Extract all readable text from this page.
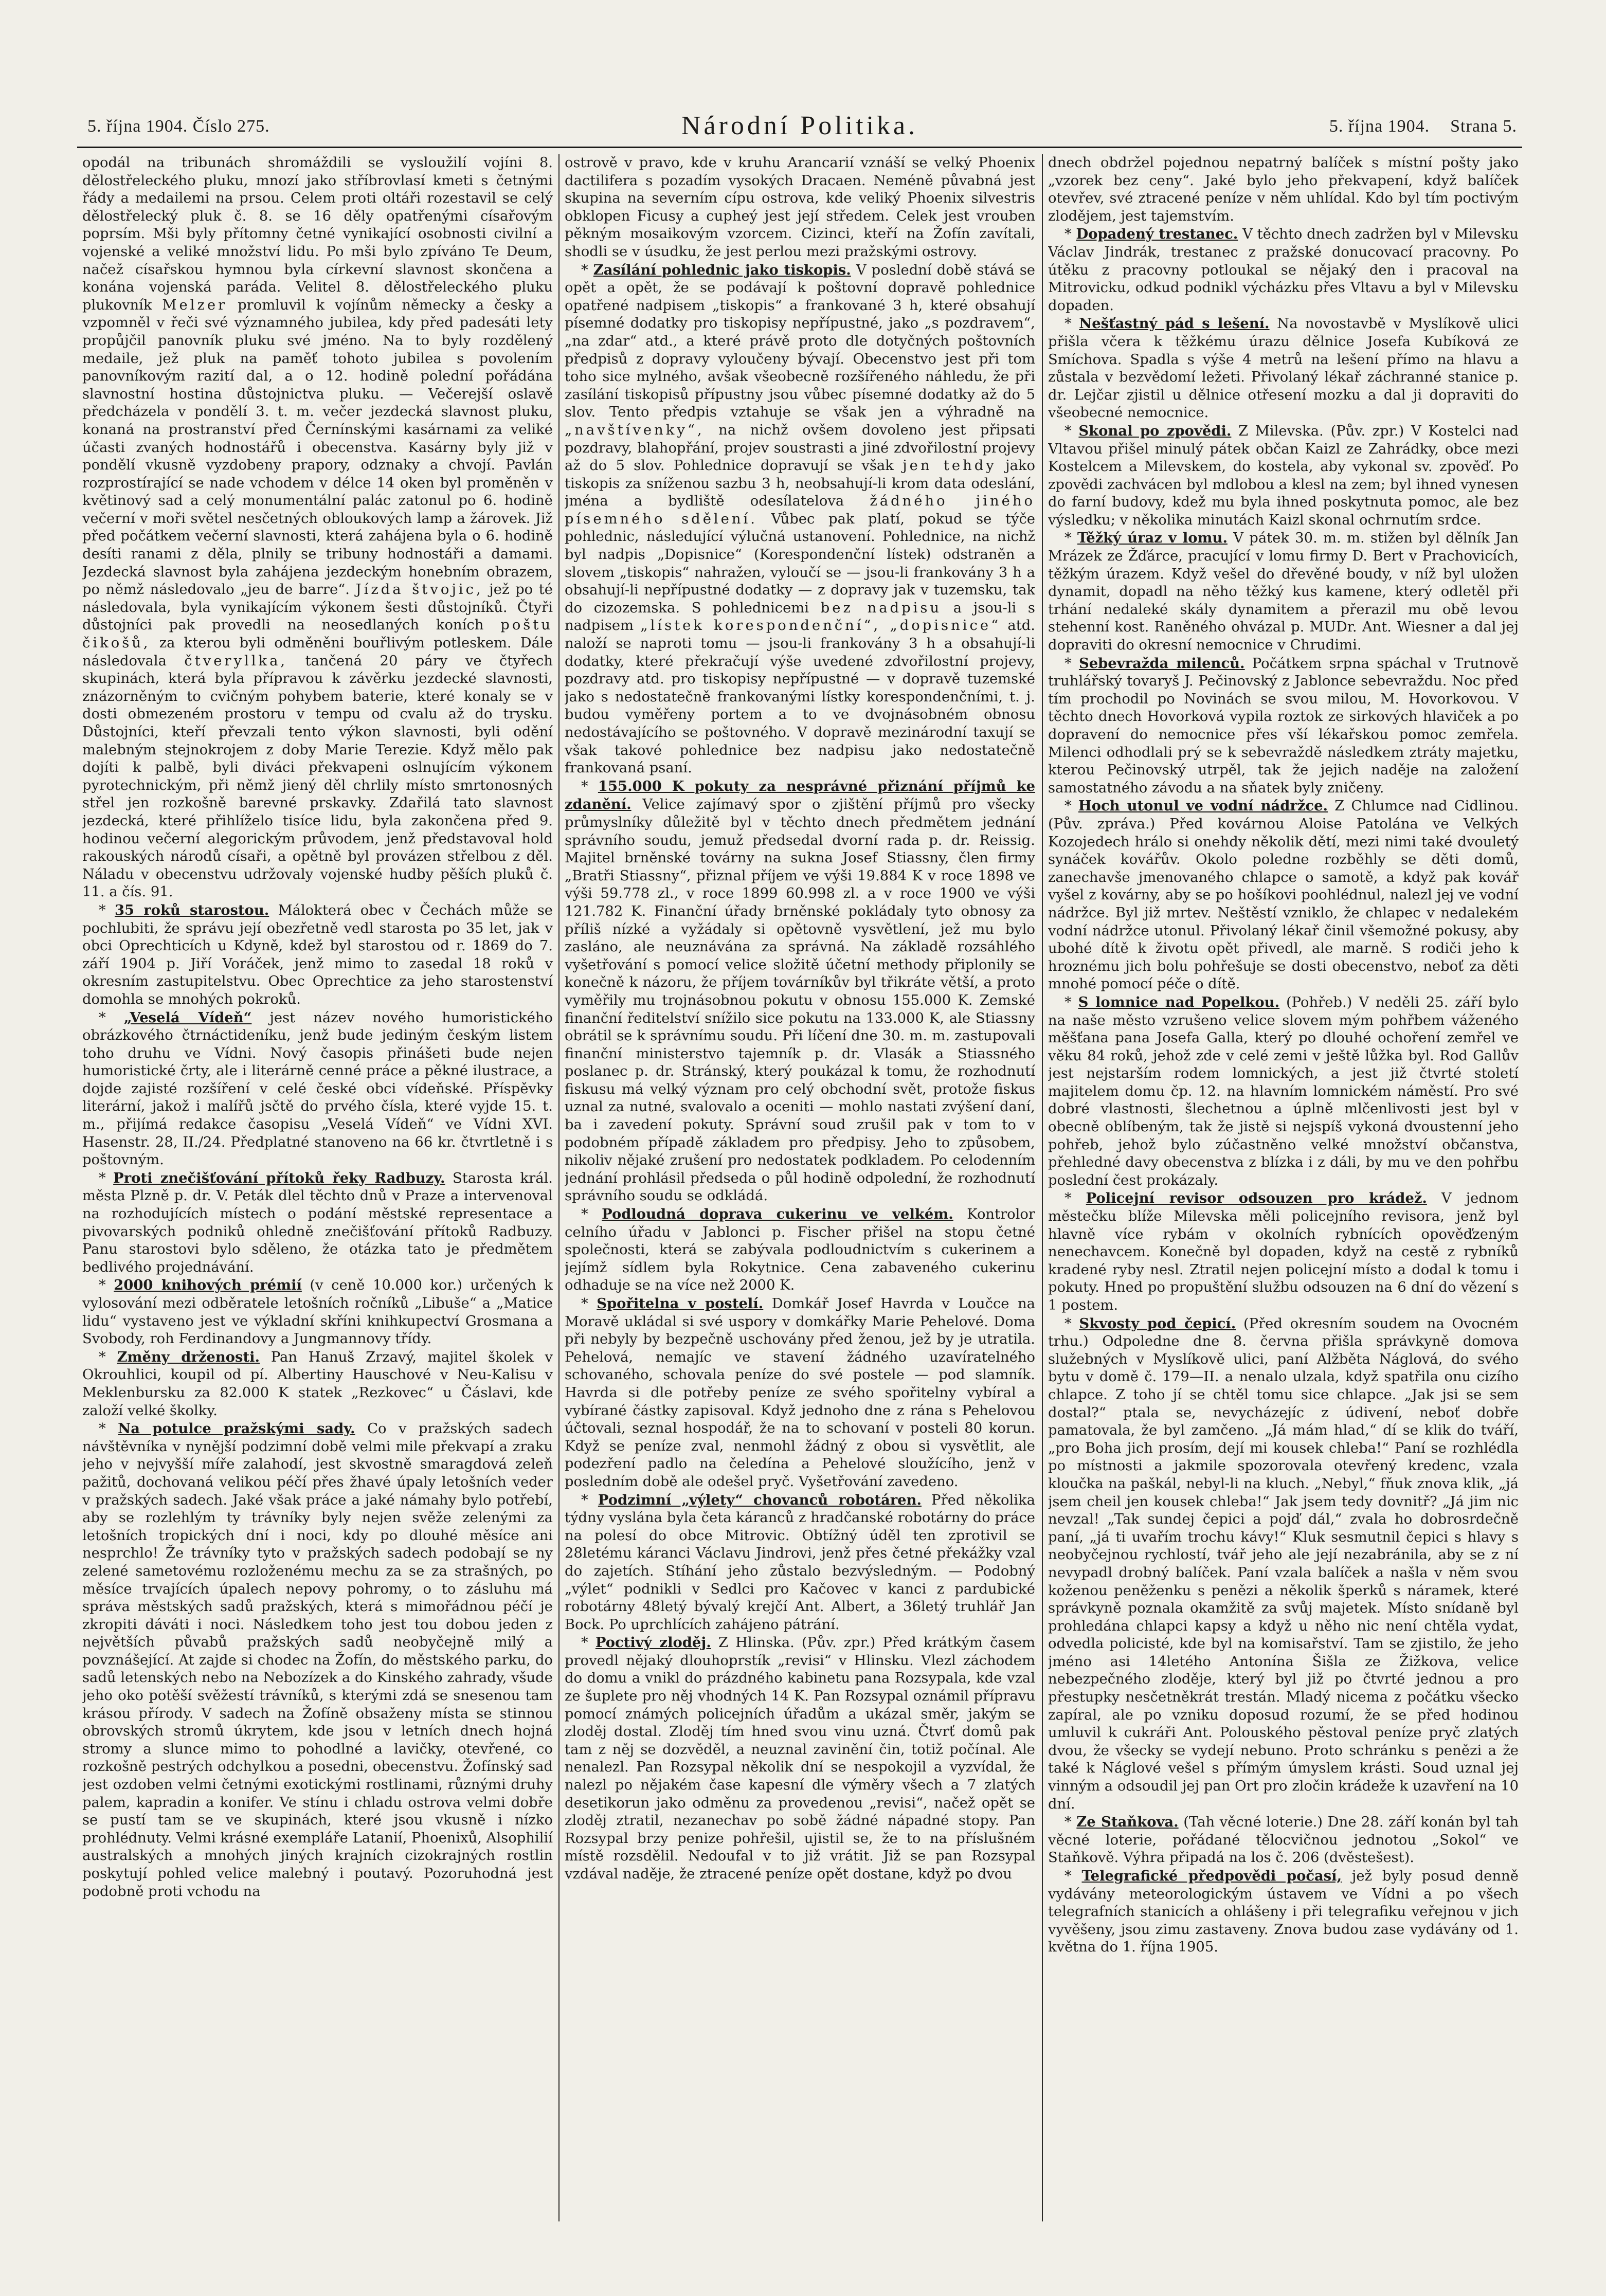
5. října 1904. Číslo 275.	Národní Politika.	5. října 1904. Strana 5.

opodál na tribunách shromáždili se vysloužilí vojíni 8. dělostřeleckého pluku, mnozí jako stříbrovlasí kmeti s četnými řády a medailemi na prsou. Celem proti oltáři rozestavil se celý dělostřelecký pluk č. 8. se 16 děly opatřenými císařovým poprsím. Mši byly přítomny četné vynikající osobnosti civilní a vojenské a veliké množství lidu. Po mši bylo zpíváno Te Deum, načež císařskou hymnou byla církevní slavnost skončena a konána vojenská paráda. Velitel 8. dělostřeleckého pluku plukovník Melzer promluvil k vojínům německy a česky a vzpomněl v řeči své významného jubilea, kdy před padesáti lety propůjčil panovník pluku své jméno. Na to byly rozdělený medaile, jež pluk na paměť tohoto jubilea s povolením panovníkovým razití dal, a o 12. hodině polední pořádána slavnostní hostina důstojnictva pluku. — Večerejší oslavě předcházela v pondělí 3. t. m. večer jezdecká slavnost pluku, konaná na prostranství před Černínskými kasárnami za veliké účasti zvaných hodnostářů i obecenstva. Kasárny byly již v pondělí vkusně vyzdobeny prapory, odznaky a chvojí. Pavlán rozprostírající se nade vchodem v délce 14 oken byl proměněn v květinový sad a celý monumentální palác zatonul po 6. hodině večerní v moři světel nesčetných obloukových lamp a žárovek. Již před počátkem večerní slavnosti, která zahájena byla o 6. hodině desíti ranami z děla, plnily se tribuny hodnostáři a damami. Jezdecká slavnost byla zahájena jezdeckým honebním obrazem, po němž následovalo „jeu de barre“. Jízda štvojic, jež po té následovala, byla vynikajícím výkonem šesti důstojníků. Čtyři důstojníci pak provedli na neosedlaných koních poštu čikošů, za kterou byli odměněni bouřlivým potleskem. Dále následovala čtveryllka, tančená 20 páry ve čtyřech skupinách, která byla přípravou k závěrku jezdecké slavnosti, znázorněným to cvičným pohybem baterie, které konaly se v dosti obmezeném prostoru v tempu od cvalu až do trysku. Důstojníci, kteří převzali tento výkon slavnosti, byli odění malebným stejnokrojem z doby Marie Terezie. Když mělo pak dojíti k palbě, byli diváci překvapeni oslnujícím výkonem pyrotechnickým, při němž jiený děl chrlily místo smrtonosných střel jen rozkošně barevné prskavky. Zdařilá tato slavnost jezdecká, které přihlíželo tisíce lidu, byla zakončena před 9. hodinou večerní alegorickým průvodem, jenž představoval hold rakouských národů císaři, a opětně byl provázen střelbou z děl. Náladu v obecenstvu udržovaly vojenské hudby pěších pluků č. 11. a čís. 91.

* 35 roků starostou. Málokterá obec v Čechách může se pochlubiti, že správu její obezřetně vedl starosta po 35 let, jak v obci Oprechticích u Kdyně, kdež byl starostou od r. 1869 do 7. září 1904 p. Jiří Voráček, jenž mimo to zasedal 18 roků v okresním zastupitelstvu. Obec Oprechtice za jeho starostenství domohla se mnohých pokroků.

* „Veselá Vídeň“ jest název nového humoristického obrázkového čtrnáctideníku, jenž bude jediným českým listem toho druhu ve Vídni. Nový časopis přinášeti bude nejen humoristické črty, ale i literárně cenné práce a pěkné ilustrace, a dojde zajisté rozšíření v celé české obci vídeňské. Příspěvky literární, jakož i malířů jsčtě do prvého čísla, které vyjde 15. t. m., přijímá redakce časopisu „Veselá Vídeň“ ve Vídni XVI. Hasenstr. 28, II./24. Předplatné stanoveno na 66 kr. čtvrtletně i s poštovným.

* Proti znečišťování přítoků řeky Radbuzy. Starosta král. města Plzně p. dr. V. Peták dlel těchto dnů v Praze a intervenoval na rozhodujících místech o podání městské representace a pivovarských podniků ohledně znečišťování přítoků Radbuzy. Panu starostovi bylo sděleno, že otázka tato je předmětem bedlivého projednávání.

* 2000 knihových prémií (v ceně 10.000 kor.) určených k vylosování mezi odběratele letošních ročníků „Libuše“ a „Matice lidu“ vystaveno jest ve výkladní skříni knihkupectví Grosmana a Svobody, roh Ferdinandovy a Jungmannovy třídy.

* Změny drženosti. Pan Hanuš Zrzavý, majitel školek v Okrouhlici, koupil od pí. Albertiny Hauschové v Neu-Kalisu v Meklenbursku za 82.000 K statek „Rezkovec“ u Čáslavi, kde založí velké školky.

* Na potulce pražskými sady. Co v pražských sadech návštěvníka v nynější podzimní době velmi mile překvapí a zraku jeho v nejvyšší míře zalahodí, jest skvostně smaragdová zeleň pažitů, dochovaná velikou péčí přes žhavé úpaly letošních veder v pražských sadech. Jaké však práce a jaké námahy bylo potřebí, aby se rozlehlým ty trávníky byly nejen svěže zelenými za letošních tropických dní i noci, kdy po dlouhé měsíce ani nesprchlo! Že trávníky tyto v pražských sadech podobají se ny zelené sametovému rozloženému mechu za se za strašných, po měsíce trvajících úpalech nepovy pohromy, o to zásluhu má správa městských sadů pražských, která s mimořádnou péčí je zkropiti dáváti i noci. Následkem toho jest tou dobou jeden z největších půvabů pražských sadů neobyčejně milý a povznášející. At zajde si chodec na Žofín, do městského parku, do sadů letenských nebo na Nebozízek a do Kinského zahrady, všude jeho oko potěší svěžestí trávníků, s kterými zdá se snesenou tam krásou přírody. V sadech na Žofíně obsaženy místa se stinnou obrovských stromů úkrytem, kde jsou v letních dnech hojná stromy a slunce mimo to pohodlné a lavičky, otevřené, co rozkošně pestrých odchylkou a posedni, obecenstvu. Žofínský sad jest ozdoben velmi četnými exotickými rostlinami, různými druhy palem, kapradin a konifer. Ve stínu i chladu ostrova velmi dobře se pustí tam se ve skupinách, které jsou vkusně i nízko prohlédnuty. Velmi krásné exempláře Latanií, Phoenixů, Alsophilií australských a mnohých jiných krajních cizokrajných rostlin poskytují pohled velice malebný i poutavý. Pozoruhodná jest podobně proti vchodu na

ostrově v pravo, kde v kruhu Arancarií vznáší se velký Phoenix dactilifera s pozadím vysokých Dracaen. Neméně půvabná jest skupina na severním cípu ostrova, kde veliký Phoenix silvestris obklopen Ficusy a cupheý jest její středem. Celek jest vrouben pěkným mosaikovým vzorcem. Cizinci, kteří na Žofín zavítali, shodli se v úsudku, že jest perlou mezi pražskými ostrovy.

* Zasílání pohlednic jako tiskopis. V poslední době stává se opět a opět, že se podávají k poštovní dopravě pohlednice opatřené nadpisem „tiskopis“ a frankované 3 h, které obsahují písemné dodatky pro tiskopisy nepřípustné, jako „s pozdravem“, „na zdar“ atd., a které právě proto dle dotyčných poštovních předpisů z dopravy vyloučeny bývají. Obecenstvo jest při tom toho sice mylného, avšak všeobecně rozšířeného náhledu, že při zasílání tiskopisů přípustny jsou vůbec písemné dodatky až do 5 slov. Tento předpis vztahuje se však jen a výhradně na „navštívenky“, na nichž ovšem dovoleno jest připsati pozdravy, blahopřání, projev soustrasti a jiné zdvořilostní projevy až do 5 slov. Pohlednice dopravují se však jen tehdy jako tiskopis za sníženou sazbu 3 h, neobsahují-li krom data odeslání, jména a bydliště odesílatelova žádného jiného písemného sdělení. Vůbec pak platí, pokud se týče pohlednic, následující výlučná ustanovení. Pohlednice, na nichž byl nadpis „Dopisnice“ (Korespondenční lístek) odstraněn a slovem „tiskopis“ nahražen, vyloučí se — jsou-li frankovány 3 h a obsahují-li nepřípustné dodatky — z dopravy jak v tuzemsku, tak do cizozemska. S pohlednicemi bez nadpisu a jsou-li s nadpisem „lístek korespondenční“, „dopisnice“ atd. naloží se naproti tomu — jsou-li frankovány 3 h a obsahují-li dodatky, které překračují výše uvedené zdvořilostní projevy, pozdravy atd. pro tiskopisy nepřípustné — v dopravě tuzemské jako s nedostatečně frankovanými lístky korespondenčními, t. j. budou vyměřeny portem a to ve dvojnásobném obnosu nedostávajícího se poštovného. V dopravě mezinárodní taxují se však takové pohlednice bez nadpisu jako nedostatečně frankovaná psaní.

* 155.000 K pokuty za nesprávné přiznání příjmů ke zdanění. Velice zajímavý spor o zjištění příjmů pro všecky průmyslníky důležitě byl v těchto dnech předmětem jednání správního soudu, jemuž předsedal dvorní rada p. dr. Reissig. Majitel brněnské továrny na sukna Josef Stiassny, člen firmy „Bratři Stiassny“, přiznal příjem ve výši 19.884 K v roce 1898 ve výši 59.778 zl., v roce 1899 60.998 zl. a v roce 1900 ve výši 121.782 K. Finanční úřady brněnské pokládaly tyto obnosy za příliš nízké a vyžádaly si opětovně vysvětlení, jež mu bylo zasláno, ale neuznávána za správná. Na základě rozsáhlého vyšetřování s pomocí velice složitě účetní methody připlonily se konečně k názoru, že příjem továrníkův byl třikráte větší, a proto vyměřily mu trojnásobnou pokutu v obnosu 155.000 K. Zemské finanční ředitelství snížilo sice pokutu na 133.000 K, ale Stiassny obrátil se k správnímu soudu. Při líčení dne 30. m. m. zastupovali finanční ministerstvo tajemník p. dr. Vlasák a Stiassného poslanec p. dr. Stránský, který poukázal k tomu, že rozhodnutí fiskusu má velký význam pro celý obchodní svět, protože fiskus uznal za nutné, svalovalo a oceniti — mohlo nastati zvýšení daní, ba i zavedení pokuty. Správní soud zrušil pak v tom to v podobném případě základem pro předpisy. Jeho to způsobem, nikoliv nějaké zrušení pro nedostatek podkladem. Po celodenním jednání prohlásil předseda o půl hodině odpolední, že rozhodnutí správního soudu se odkládá.

* Podloudná doprava cukerinu ve velkém. Kontrolor celního úřadu v Jablonci p. Fischer přišel na stopu četné společnosti, která se zabývala podloudnictvím s cukerinem a jejímž sídlem byla Rokytnice. Cena zabaveného cukerinu odhaduje se na více než 2000 K.

* Spořitelna v postelí. Domkář Josef Havrda v Loučce na Moravě ukládal si své uspory v domkářky Marie Pehelové. Doma při nebyly by bezpečně uschovány před ženou, jež by je utratila. Pehelová, nemajíc ve stavení žádného uzavíratelného schovaného, schovala peníze do své postele — pod slamník. Havrda si dle potřeby peníze ze svého spořitelny vybíral a vybírané částky zapisoval. Když jednoho dne z rána s Pehelovou účtovali, seznal hospodář, že na to schovaní v posteli 80 korun. Když se peníze zval, nenmohl žádný z obou si vysvětlit, ale podezření padlo na čeledína a Pehelové sloužícího, jenž v posledním době ale odešel pryč. Vyšetřování zavedeno.

* Podzimní „výlety“ chovanců robotáren. Před několika týdny vyslána byla četa káranců z hradčanské robotárny do práce na polesí do obce Mitrovic. Obtížný úděl ten zprotivil se 28letému káranci Václavu Jindrovi, jenž přes četné překážky vzal do zajetích. Stíhání jeho zůstalo bezvýsledným. — Podobný „výlet“ podnikli v Sedlci pro Kačovec v kanci z pardubické robotárny 48letý bývalý krejčí Ant. Albert, a 36letý truhlář Jan Bock. Po uprchlících zahájeno pátrání.

* Poctivý zloděj. Z Hlinska. (Pův. zpr.) Před krátkým časem provedl nějaký dlouhoprstík „revisi“ v Hlinsku. Vlezl záchodem do domu a vnikl do prázdného kabinetu pana Rozsypala, kde vzal ze šuplete pro něj vhodných 14 K. Pan Rozsypal oznámil přípravu pomocí známých policejních úřadům a ukázal směr, jakým se zloděj dostal. Zloděj tím hned svou vinu uzná. Čtvrť domů pak tam z něj se dozvěděl, a neuznal zavinění čin, totiž počínal. Ale nenalezl. Pan Rozsypal několik dní se nespokojil a vyzvídal, že nalezl po nějakém čase kapesní dle výměry všech a 7 zlatých desetikorun jako odměnu za provedenou „revisi“, načež opět se zloděj ztratil, nezanechav po sobě žádné nápadné stopy. Pan Rozsypal brzy penize pohřešil, ujistil se, že to na příslušném místě rozsdělil. Nedoufal v to již vrátit. Již se pan Rozsypal vzdával naděje, že ztracené peníze opět dostane, když po dvou

dnech obdržel pojednou nepatrný balíček s místní pošty jako „vzorek bez ceny“. Jaké bylo jeho překvapení, když balíček otevřev, své ztracené peníze v něm uhlídal. Kdo byl tím poctivým zlodějem, jest tajemstvím.

* Dopadený trestanec. V těchto dnech zadržen byl v Milevsku Václav Jindrák, trestanec z pražské donucovací pracovny. Po útěku z pracovny potloukal se nějaký den i pracoval na Mitrovicku, odkud podnikl výcházku přes Vltavu a byl v Milevsku dopaden.

* Nešťastný pád s lešení. Na novostavbě v Myslíkově ulici přišla včera k těžkému úrazu dělnice Josefa Kubíková ze Smíchova. Spadla s výše 4 metrů na lešení přímo na hlavu a zůstala v bezvědomí ležeti. Přivolaný lékař záchranné stanice p. dr. Lejčar zjistil u dělnice otřesení mozku a dal ji dopraviti do všeobecné nemocnice.

* Skonal po zpovědi. Z Milevska. (Pův. zpr.) V Kostelci nad Vltavou přišel minulý pátek občan Kaizl ze Zahrádky, obce mezi Kostelcem a Milevskem, do kostela, aby vykonal sv. zpověď. Po zpovědi zachvácen byl mdlobou a klesl na zem; byl ihned vynesen do farní budovy, kdež mu byla ihned poskytnuta pomoc, ale bez výsledku; v několika minutách Kaizl skonal ochrnutím srdce.

* Těžký úraz v lomu. V pátek 30. m. m. stižen byl dělník Jan Mrázek ze Žďárce, pracující v lomu firmy D. Bert v Prachovicích, těžkým úrazem. Když vešel do dřevěné boudy, v níž byl uložen dynamit, dopadl na něho těžký kus kamene, který odletěl při trhání nedaleké skály dynamitem a přerazil mu obě levou stehenní kost. Raněného ohvázal p. MUDr. Ant. Wiesner a dal jej dopraviti do okresní nemocnice v Chrudimi.

* Sebevražda milenců. Počátkem srpna spáchal v Trutnově truhlářský tovaryš J. Pečinovský z Jablonce sebevraždu. Noc před tím prochodil po Novinách se svou milou, M. Hovorkovou. V těchto dnech Hovorková vypila roztok ze sirkových hlaviček a po dopravení do nemocnice přes vší lékařskou pomoc zemřela. Milenci odhodlali prý se k sebevraždě následkem ztráty majetku, kterou Pečinovský utrpěl, tak že jejich naděje na založení samostatného závodu a na sňatek byly zničeny.

* Hoch utonul ve vodní nádržce. Z Chlumce nad Cidlinou. (Pův. zpráva.) Před kovárnou Aloise Patolána ve Velkých Kozojedech hrálo si onehdy několik dětí, mezi nimi také dvouletý synáček kovářův. Okolo poledne rozběhly se děti domů, zanechavše jmenovaného chlapce o samotě, a když pak kovář vyšel z kovárny, aby se po hošíkovi poohlédnul, nalezl jej ve vodní nádržce. Byl již mrtev. Neštěstí vzniklo, že chlapec v nedalekém vodní nádržce utonul. Přivolaný lékař činil všemožné pokusy, aby ubohé dítě k životu opět přivedl, ale marně. S rodiči jeho k hroznému jich bolu pohřešuje se dosti obecenstvo, neboť za děti mnohé pomocí péče o dítě.

* S lomnice nad Popelkou. (Pohřeb.) V neděli 25. září bylo na naše město vzrušeno velice slovem mým pohřbem váženého měšťana pana Josefa Galla, který po dlouhé ochoření zemřel ve věku 84 roků, jehož zde v celé zemi v ještě lůžka byl. Rod Gallův jest nejstarším rodem lomnických, a jest již čtvrté století majitelem domu čp. 12. na hlavním lomnickém náměstí. Pro své dobré vlastnosti, šlechetnou a úplně mlčenlivosti jest byl v obecně oblíbeným, tak že jistě si nejspíš vykoná dvoustenní jeho pohřeb, jehož bylo zúčastněno velké množství občanstva, přehledné davy obecenstva z blízka i z dáli, by mu ve den pohřbu poslední čest prokázaly.

* Policejní revisor odsouzen pro krádež. V jednom městečku blíže Milevska měli policejního revisora, jenž byl hlavně více rybám v okolních rybnících opověďzeným nenechavcem. Konečně byl dopaden, když na cestě z rybníků kradené ryby nesl. Ztratil nejen policejní místo a dodal k tomu i pokuty. Hned po propuštění službu odsouzen na 6 dní do vězení s 1 postem.

* Skvosty pod čepicí. (Před okresním soudem na Ovocném trhu.) Odpoledne dne 8. června přišla správkyně domova služebných v Myslíkově ulici, paní Alžběta Náglová, do svého bytu v domě č. 179—II. a nenalo ulzala, když spatřila onu cizího chlapce. Z toho jí se chtěl tomu sice chlapce. „Jak jsi se sem dostal?“ ptala se, nevycházejíc z údivení, neboť dobře pamatovala, že byl zamčeno. „Já mám hlad,“ dí se klik do tváří, „pro Boha jich prosím, dejí mi kousek chleba!“ Paní se rozhlédla po místnosti a jakmile spozorovala otevřený kredenc, vzala kloučka na paškál, nebyl-li na kluch. „Nebyl,“ fňuk znova klik, „já jsem cheil jen kousek chleba!“ Jak jsem tedy dovnitř? „Já jim nic nevzal! „Tak sundej čepici a pojď dál,“ zvala ho dobrosrdečně paní, „já ti uvařím trochu kávy!“ Kluk sesmutnil čepici s hlavy s neobyčejnou rychlostí, tvář jeho ale její nezabránila, aby se z ní nevypadl drobný balíček. Paní vzala balíček a našla v něm svou koženou peněženku s penězi a několik šperků s náramek, které správkyně poznala okamžitě za svůj majetek. Místo snídaně byl prohledána chlapci kapsy a když u něho nic není chtěla vydat, odvedla policisté, kde byl na komisařství. Tam se zjistilo, že jeho jméno asi 14letého Antonína Šišla ze Žižkova, velice nebezpečného zloděje, který byl již po čtvrté jednou a pro přestupky nesčetněkrát trestán. Mladý nicema z počátku všecko zapíral, ale po vzniku doposud rozumí, že se před hodinou umluvil k cukráři Ant. Polouského pěstoval peníze pryč zlatých dvou, že všecky se vydejí nebuno. Proto schránku s penězi a že také k Náglové vešel s přímým úmyslem krásti. Soud uznal jej vinným a odsoudil jej pan Ort pro zločin krádeže k uzavření na 10 dní.

* Ze Staňkova. (Tah věcné loterie.) Dne 28. září konán byl tah věcné loterie, pořádané tělocvičnou jednotou „Sokol“ ve Staňkově. Výhra připadá na los č. 206 (dvěstešest).

* Telegrafické předpovědi počasí, jež byly posud denně vydávány meteorologickým ústavem ve Vídni a po všech telegrafních stanicích a ohlášeny i při telegrafiku veřejnou v jich vyvěšeny, jsou zimu zastaveny. Znova budou zase vydávány od 1. května do 1. října 1905.
